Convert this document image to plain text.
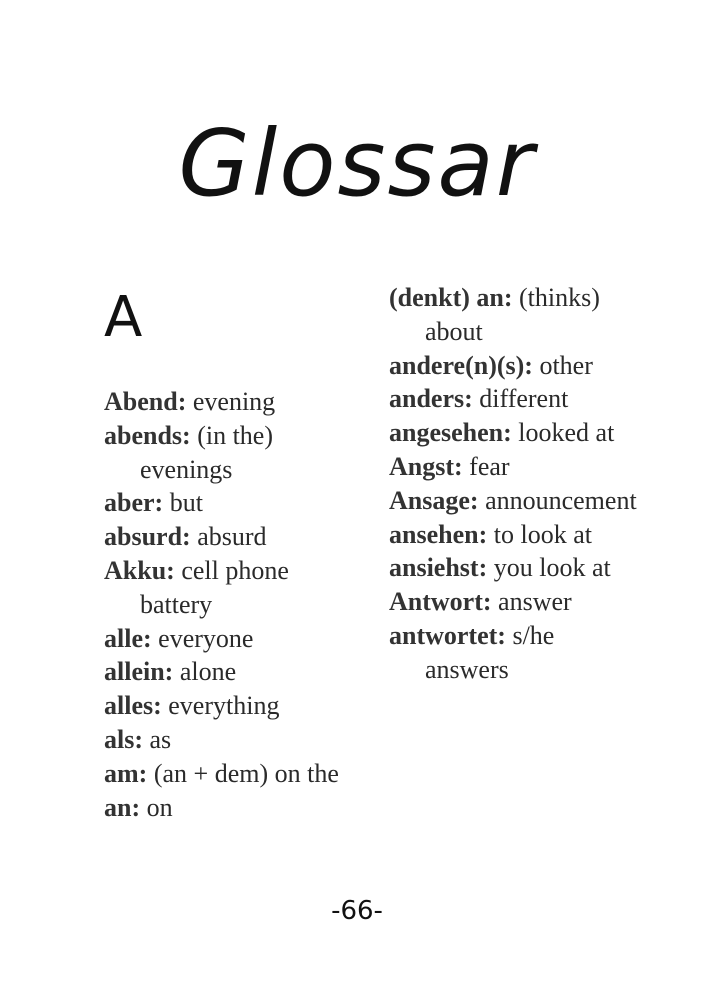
Glossar
A
Abend: evening
abends: (in the) evenings
aber: but
absurd: absurd
Akku: cell phone battery
alle: everyone
allein: alone
alles: everything
als: as
am: (an + dem) on the
an: on
(denkt) an: (thinks) about
andere(n)(s): other
anders: different
angesehen: looked at
Angst: fear
Ansage: announcement
ansehen: to look at
ansiehst: you look at
Antwort: answer
antwortet: s/he answers
-66-
